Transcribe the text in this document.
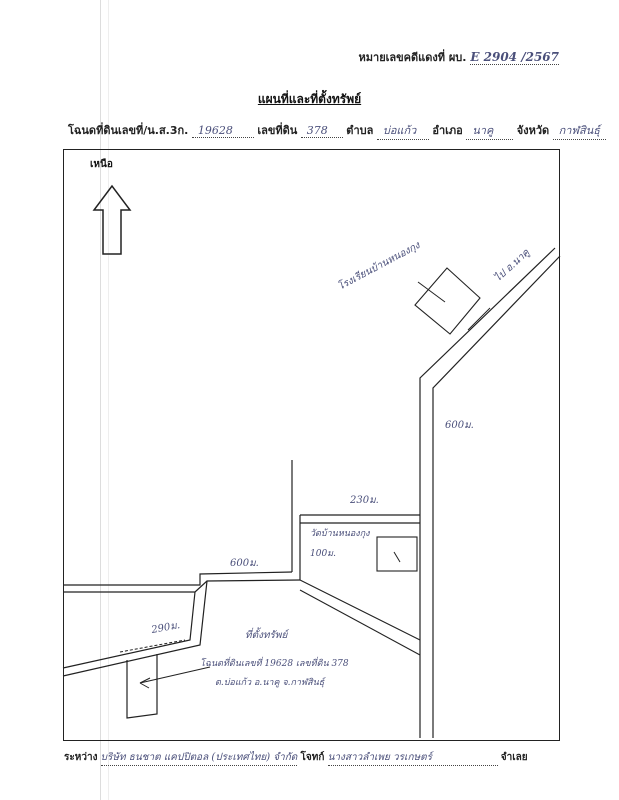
หมายเลขคดีแดงที่ ผบ. E 2904 /2567
แผนที่และที่ตั้งทรัพย์
โฉนดที่ดินเลขที่/น.ส.3ก. 19628 เลขที่ดิน 378 ตำบล บ่อแก้ว อำเภอ นาคู จังหวัด กาฬสินธุ์
โรงเรียนบ้านหนองกุง	ไป อ.นาคู
600ม.
230ม.
วัดบ้านหนองกุง
100ม.
600ม.
290ม.	ที่ตั้งทรัพย์
โฉนดที่ดินเลขที่ 19628 เลขที่ดิน 378
ต.บ่อแก้ว อ.นาคู จ.กาฬสินธุ์
เหนือ
ระหว่าง บริษัท ธนชาต แคปปิตอล (ประเทศไทย) จำกัด โจทก์ นางสาวลำเพย วรเกษตร์	จำเลย
